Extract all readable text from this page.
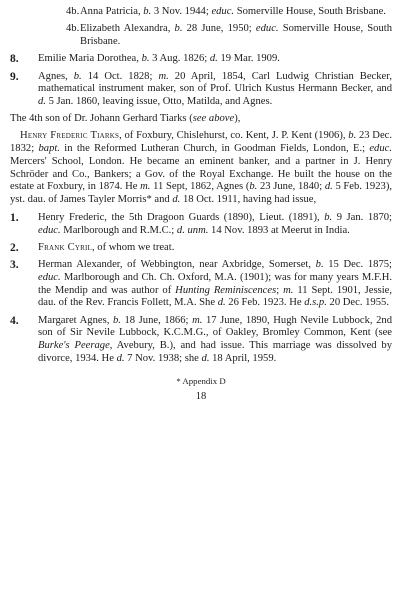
4b. Anna Patricia, b. 3 Nov. 1944; educ. Somerville House, South Brisbane.

4b. Elizabeth Alexandra, b. 28 June, 1950; educ. Somerville House, South Brisbane.

8. Emilie Maria Dorothea, b. 3 Aug. 1826; d. 19 Mar. 1909.

9. Agnes, b. 14 Oct. 1828; m. 20 April, 1854, Carl Ludwig Christian Becker, mathematical instrument maker, son of Prof. Ulrich Kustus Hermann Becker, and d. 5 Jan. 1860, leaving issue, Otto, Matilda, and Agnes.

The 4th son of Dr. Johann Gerhard Tiarks (see above),

Henry Frederic Tiarks, of Foxbury, Chislehurst, co. Kent, J. P. Kent (1906), b. 23 Dec. 1832; bapt. in the Reformed Lutheran Church, in Goodman Fields, London, E.; educ. Mercers' School, London. He became an eminent banker, and a partner in J. Henry Schröder and Co., Bankers; a Gov. of the Royal Exchange. He built the house on the estate at Foxbury, in 1874. He m. 11 Sept, 1862, Agnes (b. 23 June, 1840; d. 5 Feb. 1923), yst. dau. of James Tayler Morris* and d. 18 Oct. 1911, having had issue,

1. Henry Frederic, the 5th Dragoon Guards (1890), Lieut. (1891), b. 9 Jan. 1870; educ. Marlborough and R.M.C.; d. unm. 14 Nov. 1893 at Meerut in India.

2. Frank Cyril, of whom we treat.

3. Herman Alexander, of Webbington, near Axbridge, Somerset, b. 15 Dec. 1875; educ. Marlborough and Ch. Ch. Oxford, M.A. (1901); was for many years M.F.H. the Mendip and was author of Hunting Reminiscences; m. 11 Sept. 1901, Jessie, dau. of the Rev. Francis Follett, M.A. She d. 26 Feb. 1923. He d.s.p. 20 Dec. 1955.

4. Margaret Agnes, b. 18 June, 1866; m. 17 June, 1890, Hugh Nevile Lubbock, 2nd son of Sir Nevile Lubbock, K.C.M.G., of Oakley, Bromley Common, Kent (see Burke's Peerage, Avebury, B.), and had issue. This marriage was dissolved by divorce, 1934. He d. 7 Nov. 1938; she d. 18 April, 1959.

* Appendix D

18
